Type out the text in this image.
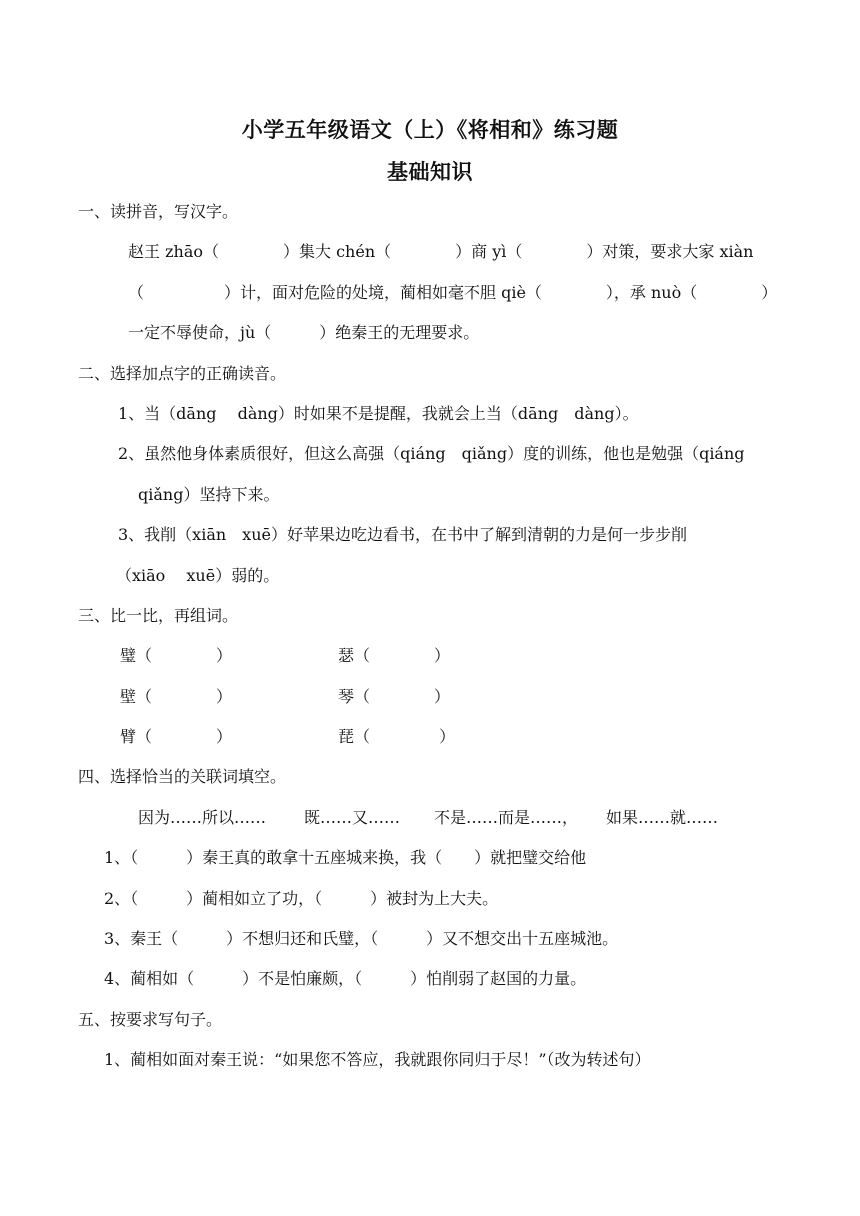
小学五年级语文（上）《将相和》练习题
基础知识
一、读拼音，写汉字。
赵王 zhāo（　　　　）集大 chén（　　　　）商 yì（　　　　）对策，要求大家 xiàn
（　　　　　）计，面对危险的处境，蔺相如毫不胆 qiè（　　　　），承 nuò（　　　　）
一定不辱使命，jù（　　　）绝秦王的无理要求。
二、选择加点字的正确读音。
1、当（dāng　 dàng）时如果不是提醒，我就会上当（dāng　dàng）。
2、虽然他身体素质很好，但这么高强（qiáng　qiǎng）度的训练，他也是勉强（qiáng
qiǎng）坚持下来。
3、我削（xiān　xuē）好苹果边吃边看书，在书中了解到清朝的力是何一步步削
（xiāo　 xuē）弱的。
三、比一比，再组词。
璧（　　　　）
壁（　　　　）
臂（　　　　）
瑟（　　　　）
琴（　　　　）
琵（　　　　 ）
四、选择恰当的关联词填空。
因为……所以…… 既……又…… 不是……而是……， 如果……就……
1、（　　　）秦王真的敢拿十五座城来换，我（　　）就把璧交给他
2、（　　　）蔺相如立了功，（　　　）被封为上大夫。
3、秦王（　　　）不想归还和氏璧，（　　　）又不想交出十五座城池。
4、蔺相如（　　　）不是怕廉颇，（　　　）怕削弱了赵国的力量。
五、按要求写句子。
1、蔺相如面对秦王说：“如果您不答应，我就跟你同归于尽！”（改为转述句）
